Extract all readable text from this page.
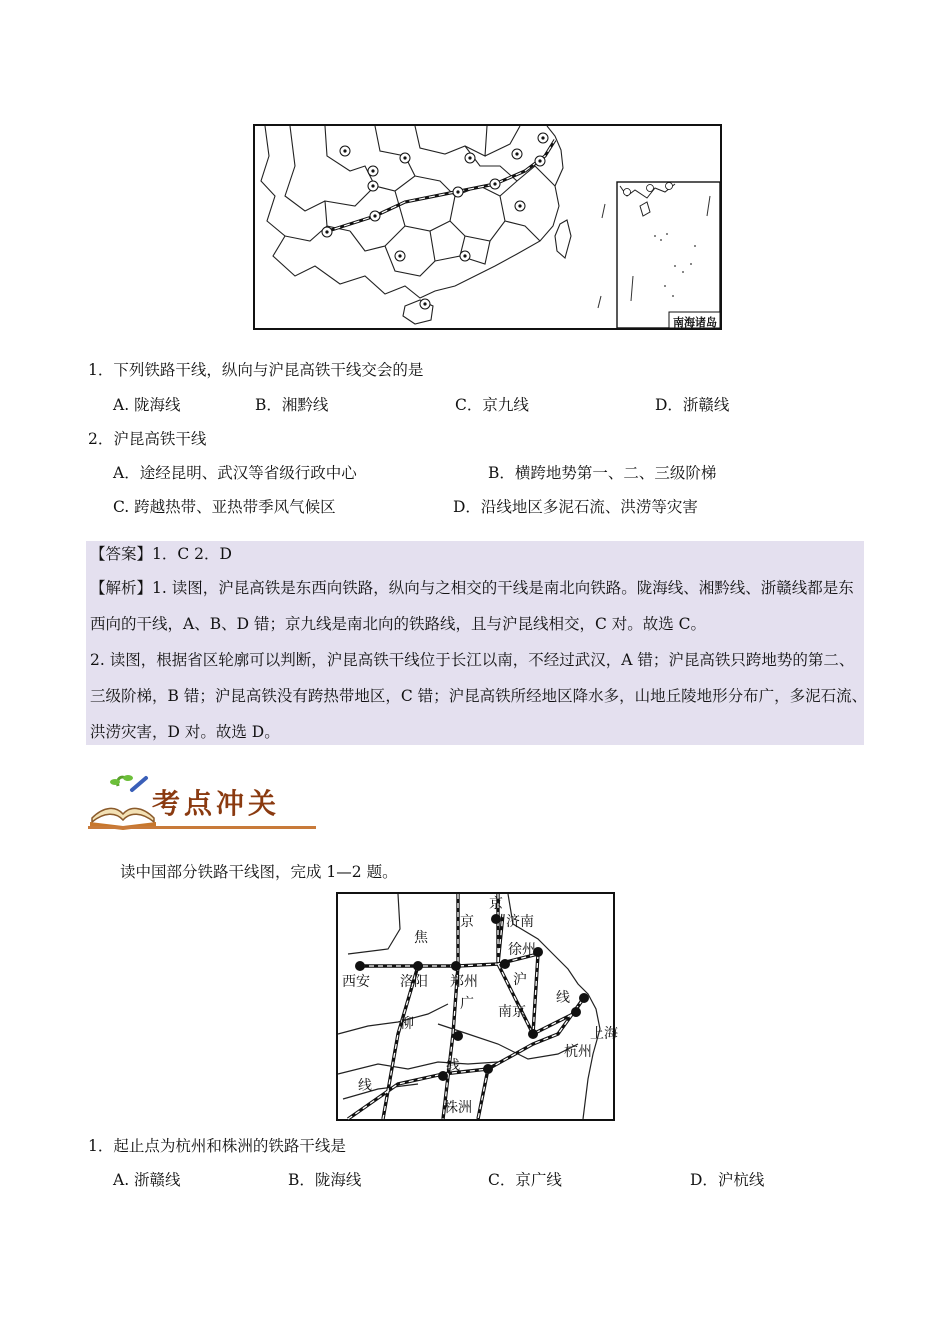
南海诸岛
1．下列铁路干线，纵向与沪昆高铁干线交会的是
A. 陇海线	B．湘黔线	C．京九线	D．浙赣线
2．沪昆高铁干线
A．途经昆明、武汉等省级行政中心	B．横跨地势第一、二、三级阶梯
C. 跨越热带、亚热带季风气候区	D．沿线地区多泥石流、洪涝等灾害
【答案】1．C 2．D
【解析】1. 读图，沪昆高铁是东西向铁路，纵向与之相交的干线是南北向铁路。陇海线、湘黔线、浙赣线都是东
西向的干线，A、B、D 错；京九线是南北向的铁路线，且与沪昆线相交，C 对。故选 C。
2. 读图，根据省区轮廓可以判断，沪昆高铁干线位于长江以南，不经过武汉，A 错；沪昆高铁只跨地势的第二、
三级阶梯，B 错；沪昆高铁没有跨热带地区，C 错；沪昆高铁所经地区降水多，山地丘陵地形分布广，多泥石流、
洪涝灾害，D 对。故选 D。
考点冲关
读中国部分铁路干线图，完成 1—2 题。
京
济南
京
焦
徐州
西安 洛阳 郑州	沪
广 南京
线
上海
柳
杭州
线
线
株洲
1．起止点为杭州和株洲的铁路干线是
A. 浙赣线	B．陇海线	C．京广线	D．沪杭线
